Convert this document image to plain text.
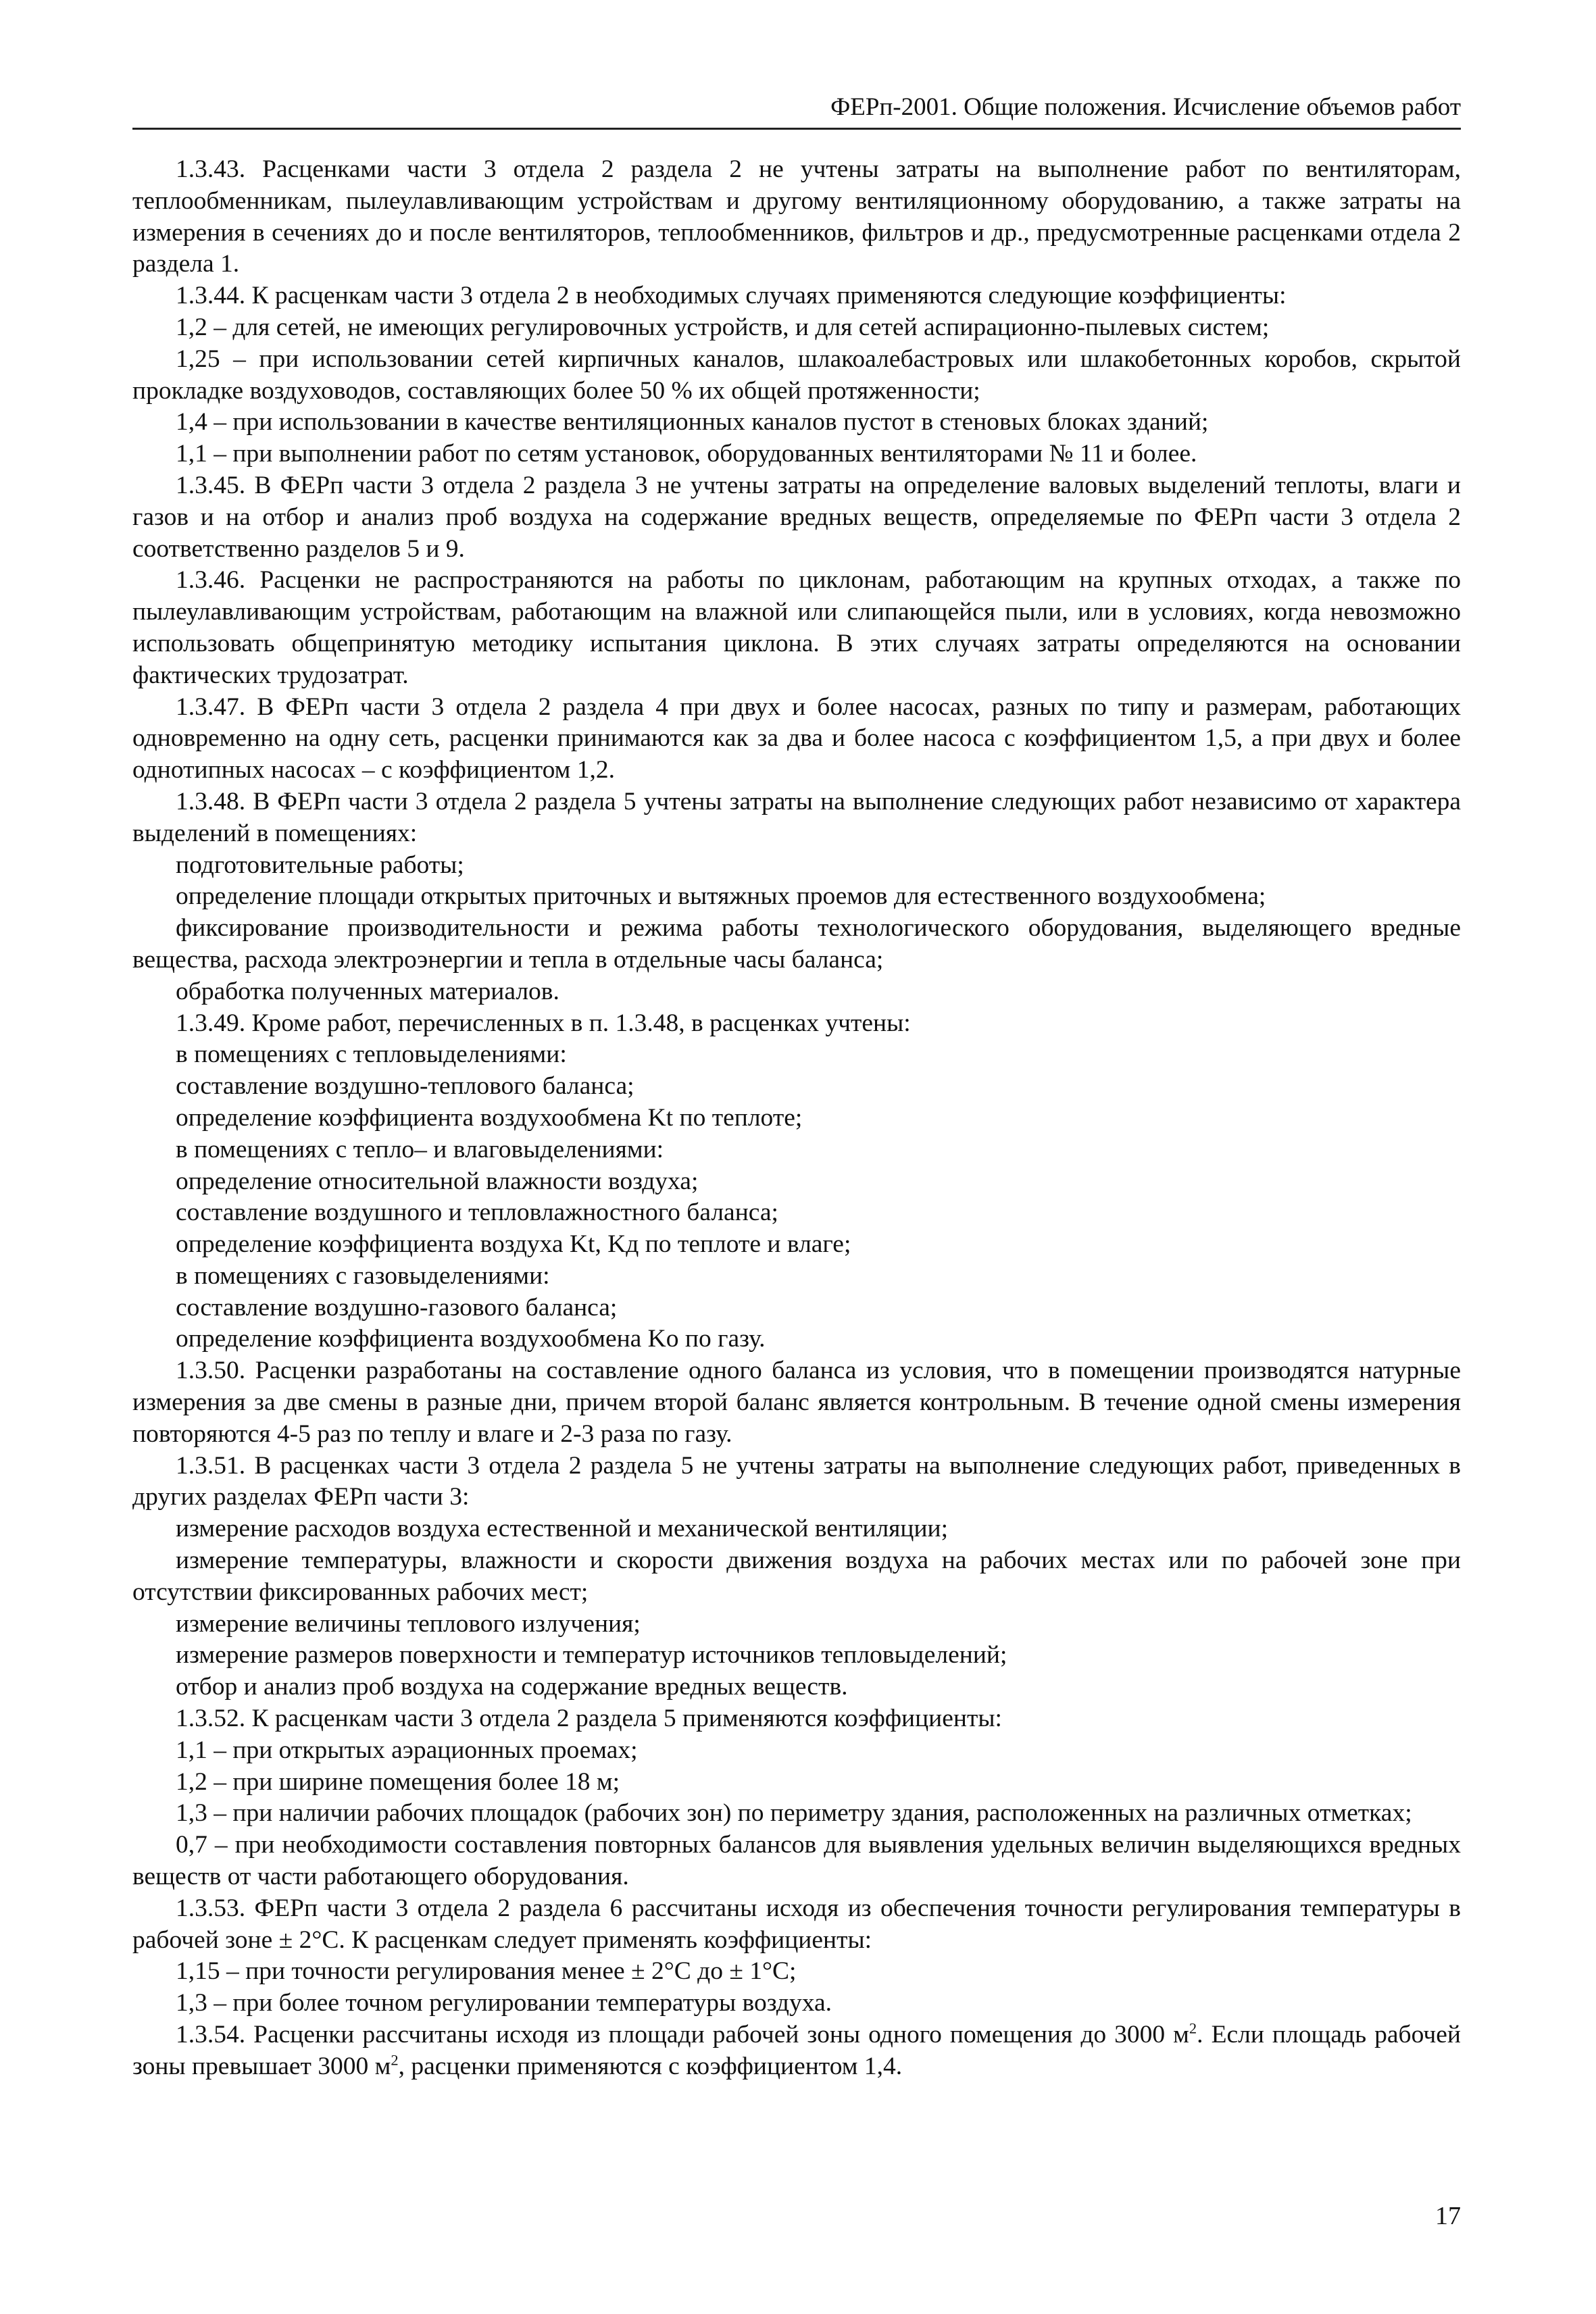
ФЕРп-2001. Общие положения. Исчисление объемов работ

1.3.43. Расценками части 3 отдела 2 раздела 2 не учтены затраты на выполнение работ по вентиляторам, теплообменникам, пылеулавливающим устройствам и другому вентиляционному оборудованию, а также затраты на измерения в сечениях до и после вентиляторов, теплообменников, фильтров и др., предусмотренные расценками отдела 2 раздела 1.

1.3.44. К расценкам части 3 отдела 2 в необходимых случаях применяются следующие коэффициенты:

1,2 – для сетей, не имеющих регулировочных устройств, и для сетей аспирационно-пылевых систем;

1,25 – при использовании сетей кирпичных каналов, шлакоалебастровых или шлакобетонных коробов, скрытой прокладке воздуховодов, составляющих более 50 % их общей протяженности;

1,4 – при использовании в качестве вентиляционных каналов пустот в стеновых блоках зданий;

1,1 – при выполнении работ по сетям установок, оборудованных вентиляторами № 11 и более.

1.3.45. В ФЕРп части 3 отдела 2 раздела 3 не учтены затраты на определение валовых выделений теплоты, влаги и газов и на отбор и анализ проб воздуха на содержание вредных веществ, определяемые по ФЕРп части 3 отдела 2 соответственно разделов 5 и 9.

1.3.46. Расценки не распространяются на работы по циклонам, работающим на крупных отходах, а также по пылеулавливающим устройствам, работающим на влажной или слипающейся пыли, или в условиях, когда невозможно использовать общепринятую методику испытания циклона. В этих случаях затраты определяются на основании фактических трудозатрат.

1.3.47. В ФЕРп части 3 отдела 2 раздела 4 при двух и более насосах, разных по типу и размерам, работающих одновременно на одну сеть, расценки принимаются как за два и более насоса с коэффициентом 1,5, а при двух и более однотипных насосах – с коэффициентом 1,2.

1.3.48. В ФЕРп части 3 отдела 2 раздела 5 учтены затраты на выполнение следующих работ независимо от характера выделений в помещениях:

подготовительные работы;

определение площади открытых приточных и вытяжных проемов для естественного воздухообмена;

фиксирование производительности и режима работы технологического оборудования, выделяющего вредные вещества, расхода электроэнергии и тепла в отдельные часы баланса;

обработка полученных материалов.

1.3.49. Кроме работ, перечисленных в п. 1.3.48, в расценках учтены:

в помещениях с тепловыделениями:

составление воздушно-теплового баланса;

определение коэффициента воздухообмена Kt по теплоте;

в помещениях с тепло– и влаговыделениями:

определение относительной влажности воздуха;

составление воздушного и тепловлажностного баланса;

определение коэффициента воздуха Kt, Kд по теплоте и влаге;

в помещениях с газовыделениями:

составление воздушно-газового баланса;

определение коэффициента воздухообмена Ko по газу.

1.3.50. Расценки разработаны на составление одного баланса из условия, что в помещении производятся натурные измерения за две смены в разные дни, причем второй баланс является контрольным. В течение одной смены измерения повторяются 4-5 раз по теплу и влаге и 2-3 раза по газу.

1.3.51. В расценках части 3 отдела 2 раздела 5 не учтены затраты на выполнение следующих работ, приведенных в других разделах ФЕРп части 3:

измерение расходов воздуха естественной и механической вентиляции;

измерение температуры, влажности и скорости движения воздуха на рабочих местах или по рабочей зоне при отсутствии фиксированных рабочих мест;

измерение величины теплового излучения;

измерение размеров поверхности и температур источников тепловыделений;

отбор и анализ проб воздуха на содержание вредных веществ.

1.3.52. К расценкам части 3 отдела 2 раздела 5 применяются коэффициенты:

1,1 – при открытых аэрационных проемах;

1,2 – при ширине помещения более 18 м;

1,3 – при наличии рабочих площадок (рабочих зон) по периметру здания, расположенных на различных отметках;

0,7 – при необходимости составления повторных балансов для выявления удельных величин выделяющихся вредных веществ от части работающего оборудования.

1.3.53. ФЕРп части 3 отдела 2 раздела 6 рассчитаны исходя из обеспечения точности регулирования температуры в рабочей зоне ± 2°С. К расценкам следует применять коэффициенты:

1,15 – при точности регулирования менее ± 2°С до ± 1°С;

1,3 – при более точном регулировании температуры воздуха.

1.3.54. Расценки рассчитаны исходя из площади рабочей зоны одного помещения до 3000 $м^2$. Если площадь рабочей зоны превышает 3000 $м^2$, расценки применяются с коэффициентом 1,4.

17
